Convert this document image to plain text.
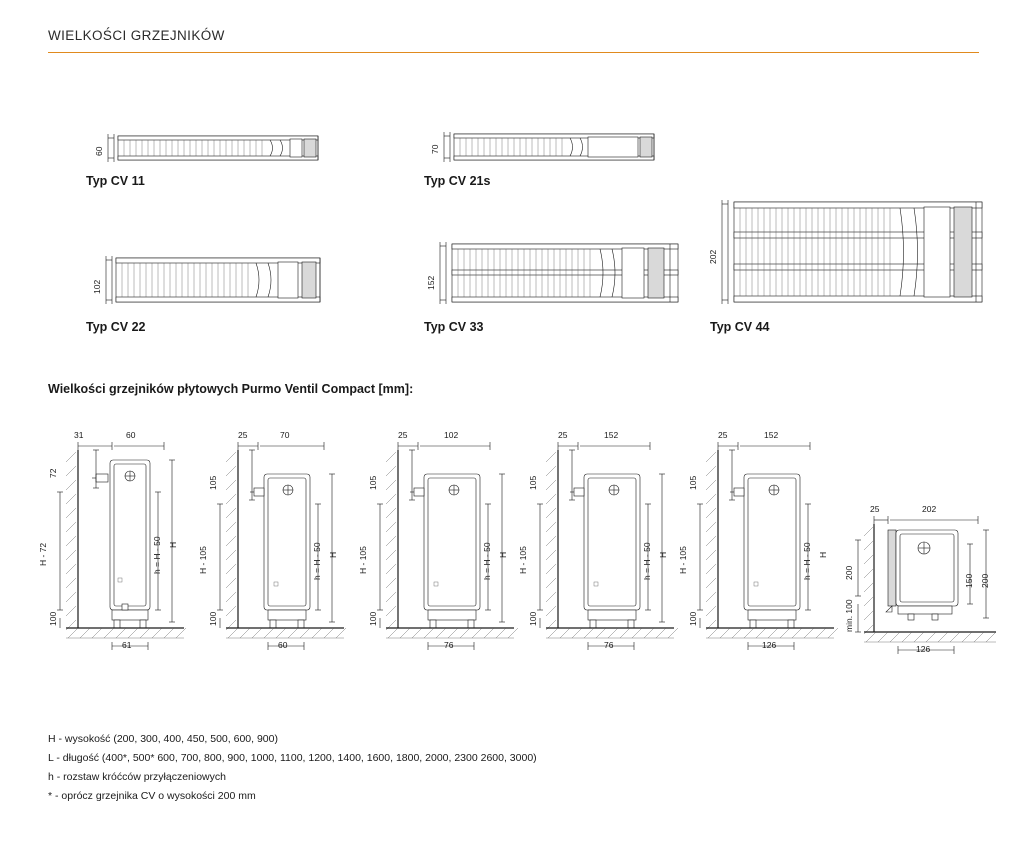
WIELKOŚCI GRZEJNIKÓW
60
Typ CV 11
70
Typ CV 21s
102
Typ CV 22
152
Typ CV 33
202
Typ CV 44
Wielkości grzejników płytowych Purmo Ventil Compact [mm]:
31	60
72
H - 72	h = H - 50 H
100
61
25	70
105
H - 105	h = H - 50 H
100
60
25	102
105
H - 105	h = H - 50 H
100
76
25	152
105
H - 105	h = H - 50 H
100
76
25	152
105
H - 105	h = H - 50 H
100
126
25	202
200
min. 100
150 200
126
H - wysokość (200, 300, 400, 450, 500, 600, 900)
L - długość (400*, 500* 600, 700, 800, 900, 1000, 1100, 1200, 1400, 1600, 1800, 2000, 2300 2600, 3000)
h - rozstaw króćców przyłączeniowych
* - oprócz grzejnika CV o wysokości 200 mm
